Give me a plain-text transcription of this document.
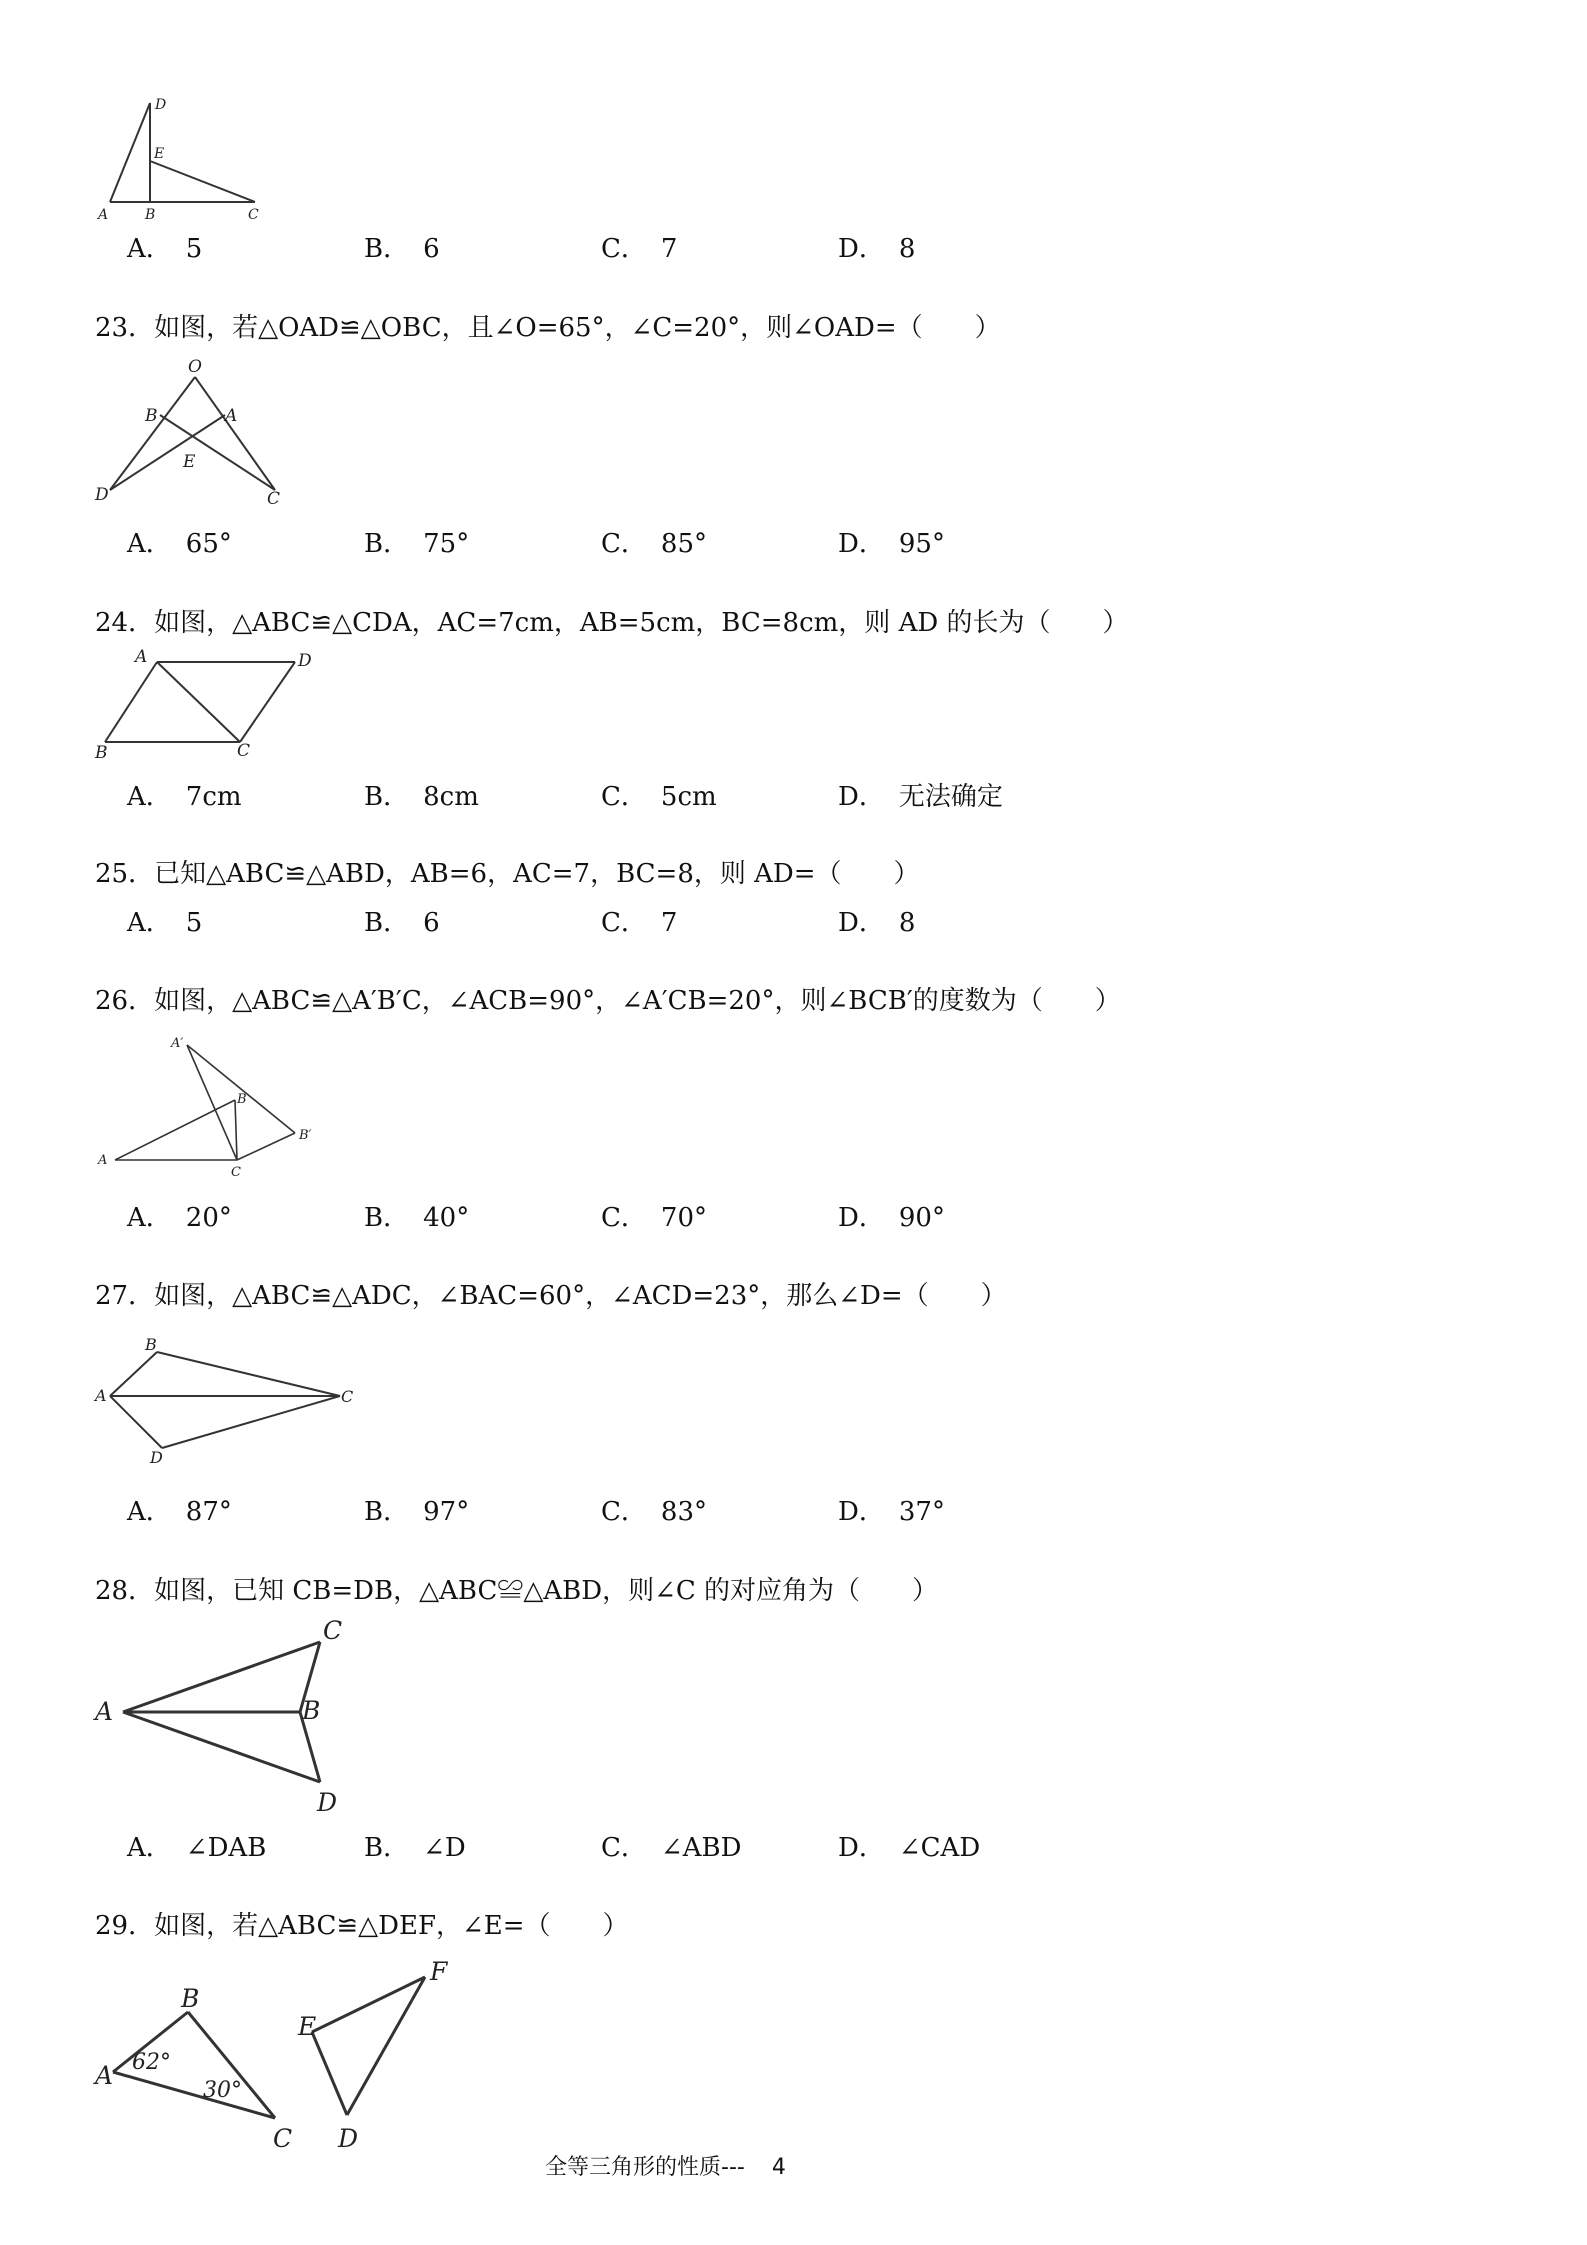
D
E
A	B	C
A． 5	B． 6	C． 7	D． 8
23．如图，若△OAD≌△OBC，且∠O=65°，∠C=20°，则∠OAD=（　　）
O
B	A
E
D	C
A． 65°	B． 75°	C． 85°	D． 95°
24．如图，△ABC≌△CDA，AC=7cm，AB=5cm，BC=8cm，则 AD 的长为（　　）
A	D
B	C
A． 7cm	B． 8cm	C． 5cm	D． 无法确定
25．已知△ABC≌△ABD，AB=6，AC=7，BC=8，则 AD=（　　）
A． 5	B． 6	C． 7	D． 8
26．如图，△ABC≌△A′B′C，∠ACB=90°，∠A′CB=20°，则∠BCB′的度数为（　　）
A′
B
B′
A
C
A． 20°	B． 40°	C． 70°	D． 90°
27．如图，△ABC≌△ADC，∠BAC=60°，∠ACD=23°，那么∠D=（　　）
B
A	C
D
A． 87°	B． 97°	C． 83°	D． 37°
28．如图，已知 CB=DB，△ABC≌△ABD，则∠C 的对应角为（　　）
C
A	B
D
A． ∠DAB	B． ∠D	C． ∠ABD	D． ∠CAD
29．如图，若△ABC≌△DEF，∠E=（　　）
B
A
C
E
F
D
62°
30°
全等三角形的性质--- 4
